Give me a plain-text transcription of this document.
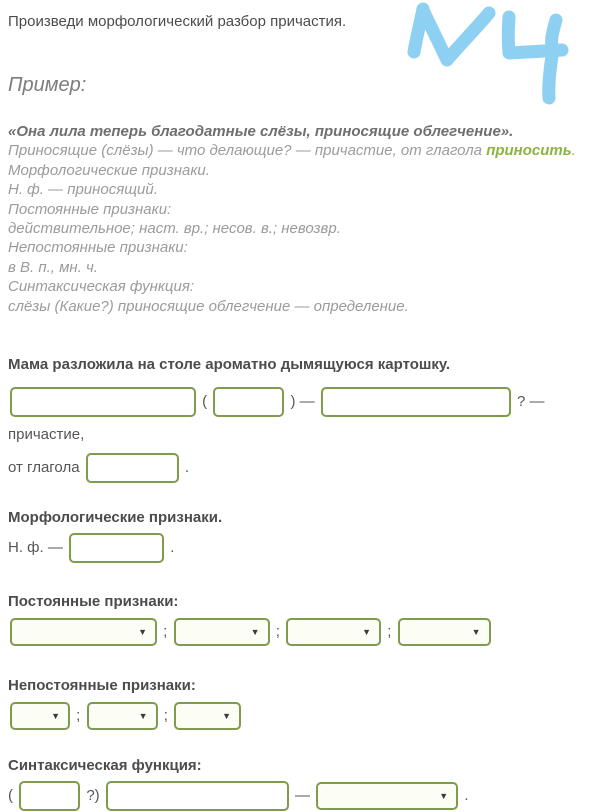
Произведи морфологический разбор причастия.

Пример:

«Она лила теперь благодатные слёзы, приносящие облегчение».

Приносящие (слёзы) — что делающие? — причастие, от глагола приносить.

Морфологические признаки.

Н. ф. — приносящий.

Постоянные признаки:

действительное; наст. вр.; несов. в.; невозвр.

Непостоянные признаки:

в В. п., мн. ч.

Синтаксическая функция:

слёзы (Какие?) приносящие облегчение — определение.

Мама разложила на столе ароматно дымящуюся картошку.

(	) —	? — причастие,

от глагола	.

Морфологические признаки.

Н. ф. —	.

Постоянные признаки:

▼ ;	▼ ;	▼ ;	▼

Непостоянные признаки:

▼ ;	▼ ;	▼

Синтаксическая функция:

(	?)	—	▼ .
